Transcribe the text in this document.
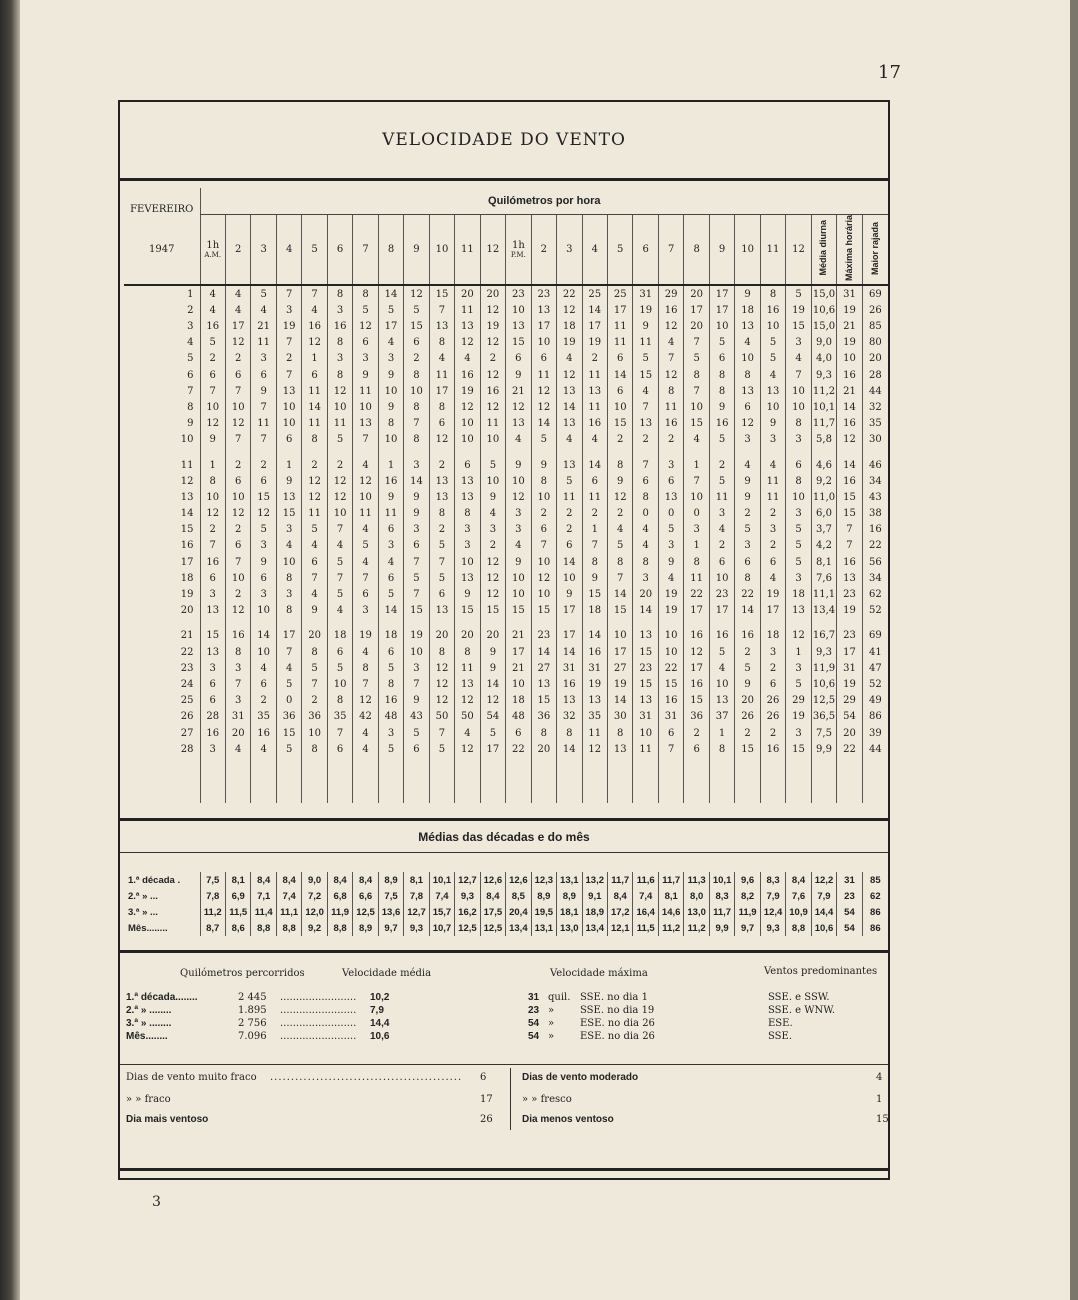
17
VELOCIDADE DO VENTO
FEVEREIRO	Quilómetros por hora																										
1947	1h
A.M.	2	3	4	5	6	7	8	9	10	11	12	1h
P.M.	2	3	4	5	6	7	8	9	10	11	12	Média diurna	Máxima horária	Maior rajada
1	4	4	5	7	7	8	8	14	12	15	20	20	23	23	22	25	25	31	29	20	17	9	8	5	15,0	31	69
2	4	4	4	3	4	3	5	5	5	7	11	12	10	13	12	14	17	19	16	17	17	18	16	19	10,6	19	26
3	16	17	21	19	16	16	12	17	15	13	13	19	13	17	18	17	11	9	12	20	10	13	10	15	15,0	21	85
4	5	12	11	7	12	8	6	4	6	8	12	12	15	10	19	19	11	11	4	7	5	4	5	3	9,0	19	80
5	2	2	3	2	1	3	3	3	2	4	4	2	6	6	4	2	6	5	7	5	6	10	5	4	4,0	10	20
6	6	6	6	7	6	8	9	9	8	11	16	12	9	11	12	11	14	15	12	8	8	8	4	7	9,3	16	28
7	7	7	9	13	11	12	11	10	10	17	19	16	21	12	13	13	6	4	8	7	8	13	13	10	11,2	21	44
8	10	10	7	10	14	10	10	9	8	8	12	12	12	12	14	11	10	7	11	10	9	6	10	10	10,1	14	32
9	12	12	11	10	11	11	13	8	7	6	10	11	13	14	13	16	15	13	16	15	16	12	9	8	11,7	16	35
10	9	7	7	6	8	5	7	10	8	12	10	10	4	5	4	4	2	2	2	4	5	3	3	3	5,8	12	30

11	1	2	2	1	2	2	4	1	3	2	6	5	9	9	13	14	8	7	3	1	2	4	4	6	4,6	14	46
12	8	6	6	9	12	12	12	16	14	13	13	10	10	8	5	6	9	6	6	7	5	9	11	8	9,2	16	34
13	10	10	15	13	12	12	10	9	9	13	13	9	12	10	11	11	12	8	13	10	11	9	11	10	11,0	15	43
14	12	12	12	15	11	10	11	11	9	8	8	4	3	2	2	2	2	0	0	0	3	2	2	3	6,0	15	38
15	2	2	5	3	5	7	4	6	3	2	3	3	3	6	2	1	4	4	5	3	4	5	3	5	3,7	7	16
16	7	6	3	4	4	4	5	3	6	5	3	2	4	7	6	7	5	4	3	1	2	3	2	5	4,2	7	22
17	16	7	9	10	6	5	4	4	7	7	10	12	9	10	14	8	8	8	9	8	6	6	6	5	8,1	16	56
18	6	10	6	8	7	7	7	6	5	5	13	12	10	12	10	9	7	3	4	11	10	8	4	3	7,6	13	34
19	3	2	3	3	4	5	6	5	7	6	9	12	10	10	9	15	14	20	19	22	23	22	19	18	11,1	23	62
20	13	12	10	8	9	4	3	14	15	13	15	15	15	15	17	18	15	14	19	17	17	14	17	13	13,4	19	52

21	15	16	14	17	20	18	19	18	19	20	20	20	21	23	17	14	10	13	10	16	16	16	18	12	16,7	23	69
22	13	8	10	7	8	6	4	6	10	8	8	9	17	14	14	16	17	15	10	12	5	2	3	1	9,3	17	41
23	3	3	4	4	5	5	8	5	3	12	11	9	21	27	31	31	27	23	22	17	4	5	2	3	11,9	31	47
24	6	7	6	5	7	10	7	8	7	12	13	14	10	13	16	19	19	15	15	16	10	9	6	5	10,6	19	52
25	6	3	2	0	2	8	12	16	9	12	12	12	18	15	13	13	14	13	16	15	13	20	26	29	12,5	29	49
26	28	31	35	36	36	35	42	48	43	50	50	54	48	36	32	35	30	31	31	36	37	26	26	19	36,5	54	86
27	16	20	16	15	10	7	4	3	5	7	4	5	6	8	8	11	8	10	6	2	1	2	2	3	7,5	20	39
28	3	4	4	5	8	6	4	5	6	5	12	17	22	20	14	12	13	11	7	6	8	15	16	15	9,9	22	44

Médias das décadas e do mês
1.ª década .	7,5	8,1	8,4	8,4	9,0	8,4	8,4	8,9	8,1	10,1	12,7	12,6	12,6	12,3	13,1	13,2	11,7	11,6	11,7	11,3	10,1	9,6	8,3	8,4	12,2	31	85
2.ª » ...	7,8	6,9	7,1	7,4	7,2	6,8	6,6	7,5	7,8	7,4	9,3	8,4	8,5	8,9	8,9	9,1	8,4	7,4	8,1	8,0	8,3	8,2	7,9	7,6	7,9	23	62
3.ª » ...	11,2	11,5	11,4	11,1	12,0	11,9	12,5	13,6	12,7	15,7	16,2	17,5	20,4	19,5	18,1	18,9	17,2	16,4	14,6	13,0	11,7	11,9	12,4	10,9	14,4	54	86
Mês........	8,7	8,6	8,8	8,8	9,2	8,8	8,9	9,7	9,3	10,7	12,5	12,5	13,4	13,1	13,0	13,4	12,1	11,5	11,2	11,2	9,9	9,7	9,3	8,8	10,6	54	86
Quilómetros percorridos	Velocidade média	Velocidade máxima	Ventos predominantes
1.ª década........	2 445 ........................ 10,2	31 quil. SSE. no dia 1	SSE. e SSW.
2.ª » ........	1.895 ........................ 7,9	23 »	SSE. no dia 19	SSE. e WNW.
3.ª » ........	2 756 ........................ 14,4	54 »	ESE. no dia 26	ESE.
Mês........	7.096 ........................ 10,6	54 »	ESE. no dia 26	SSE.
Dias de vento muito fraco .............................................. 6
» » fraco	17
Dia mais ventoso	26
Dias de vento moderado	4
» » fresco	1
Dia menos ventoso	15
3
